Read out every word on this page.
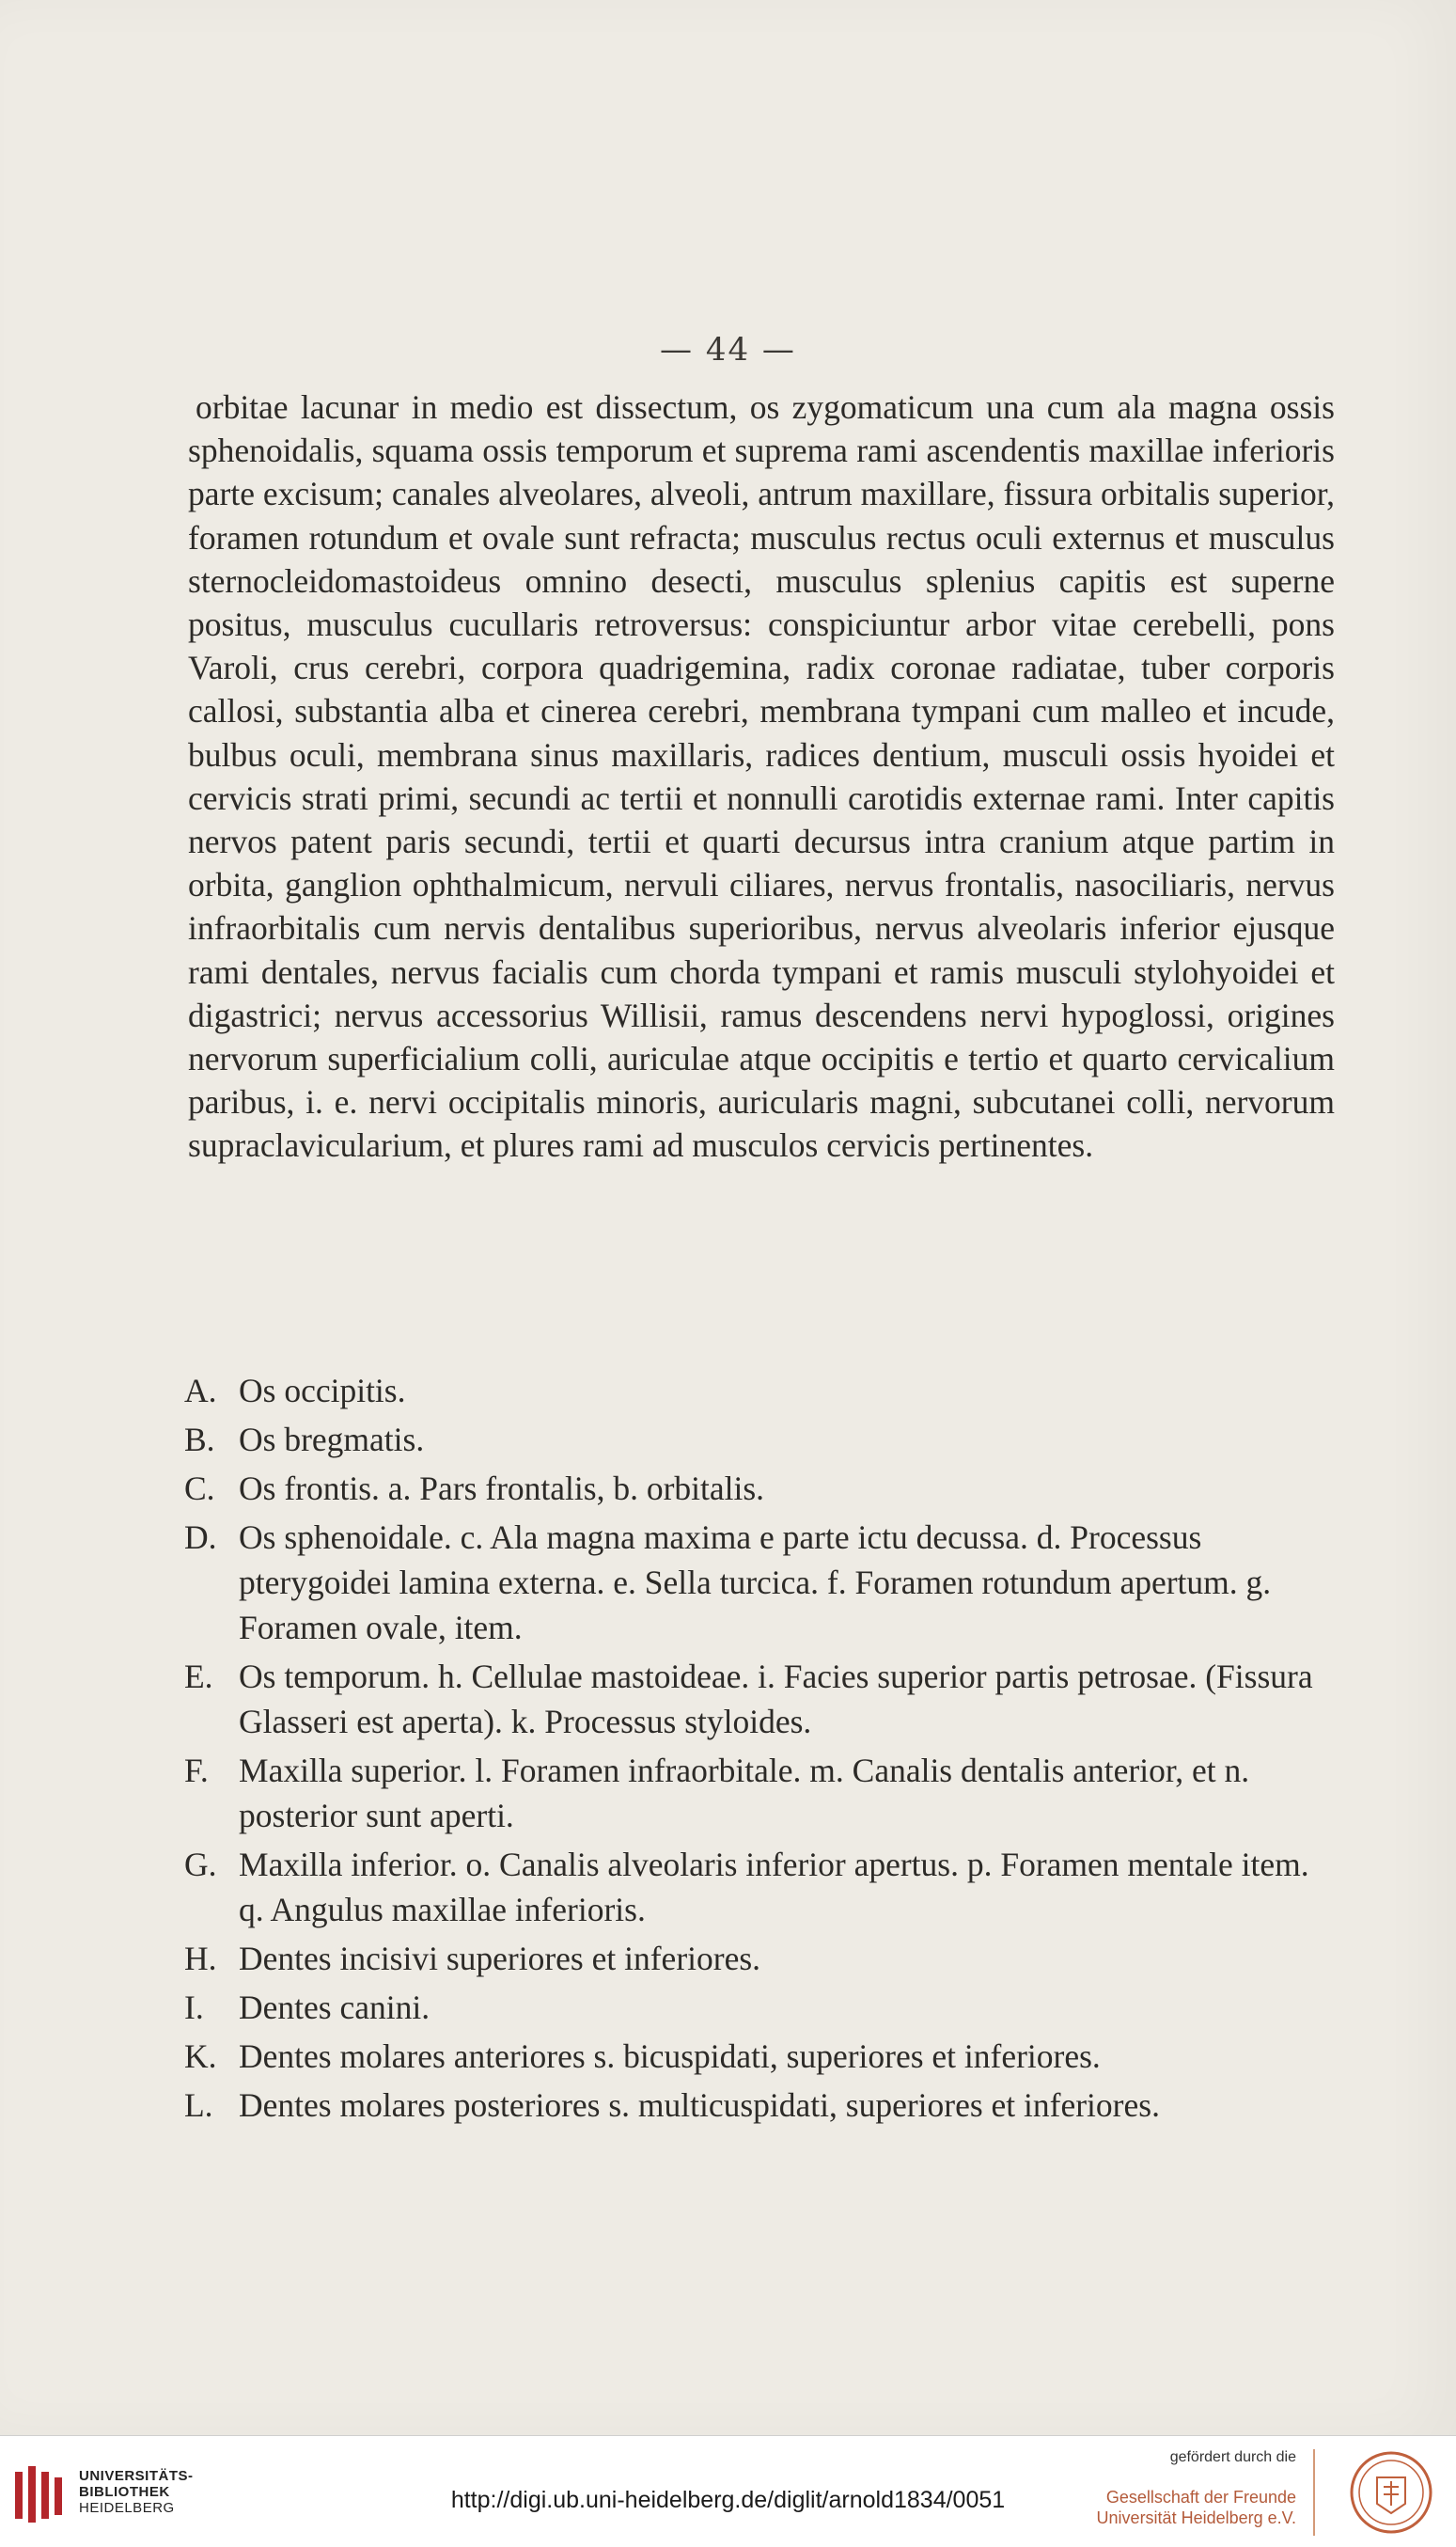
— 44 —

orbitae lacunar in medio est dissectum, os zygomaticum una cum ala magna ossis sphenoidalis, squama ossis temporum et suprema rami ascendentis maxillae inferioris parte excisum; canales alveolares, alveoli, antrum maxillare, fissura orbitalis superior, foramen rotundum et ovale sunt refracta; musculus rectus oculi externus et musculus sternocleidomastoideus omnino desecti, musculus splenius capitis est superne positus, musculus cucullaris retroversus: conspiciuntur arbor vitae cerebelli, pons Varoli, crus cerebri, corpora quadrigemina, radix coronae radiatae, tuber corporis callosi, substantia alba et cinerea cerebri, membrana tympani cum malleo et incude, bulbus oculi, membrana sinus maxillaris, radices dentium, musculi ossis hyoidei et cervicis strati primi, secundi ac tertii et nonnulli carotidis externae rami. Inter capitis nervos patent paris secundi, tertii et quarti decursus intra cranium atque partim in orbita, ganglion ophthalmicum, nervuli ciliares, nervus frontalis, nasociliaris, nervus infraorbitalis cum nervis dentalibus superioribus, nervus alveolaris inferior ejusque rami dentales, nervus facialis cum chorda tympani et ramis musculi stylohyoidei et digastrici; nervus accessorius Willisii, ramus descendens nervi hypoglossi, origines nervorum superficialium colli, auriculae atque occipitis e tertio et quarto cervicalium paribus, i. e. nervi occipitalis minoris, auricularis magni, subcutanei colli, nervorum supraclavicularium, et plures rami ad musculos cervicis pertinentes.

A. Os occipitis.
B. Os bregmatis.
C. Os frontis. a. Pars frontalis, b. orbitalis.
D. Os sphenoidale. c. Ala magna maxima e parte ictu decussa. d. Processus pterygoidei lamina externa. e. Sella turcica. f. Foramen rotundum apertum. g. Foramen ovale, item.
E. Os temporum. h. Cellulae mastoideae. i. Facies superior partis petrosae. (Fissura Glasseri est aperta). k. Processus styloides.
F. Maxilla superior. l. Foramen infraorbitale. m. Canalis dentalis anterior, et n. posterior sunt aperti.
G. Maxilla inferior. o. Canalis alveolaris inferior apertus. p. Foramen mentale item. q. Angulus maxillae inferioris.
H. Dentes incisivi superiores et inferiores.
I.	Dentes canini.
K. Dentes molares anteriores s. bicuspidati, superiores et inferiores.
L. Dentes molares posteriores s. multicuspidati, superiores et inferiores.
UNIVERSITÄTS-
BIBLIOTHEK
HEIDELBERG	http://digi.ub.uni-heidelberg.de/diglit/arnold1834/0051
gefördert durch die
Gesellschaft der Freunde
Universität Heidelberg e.V.
